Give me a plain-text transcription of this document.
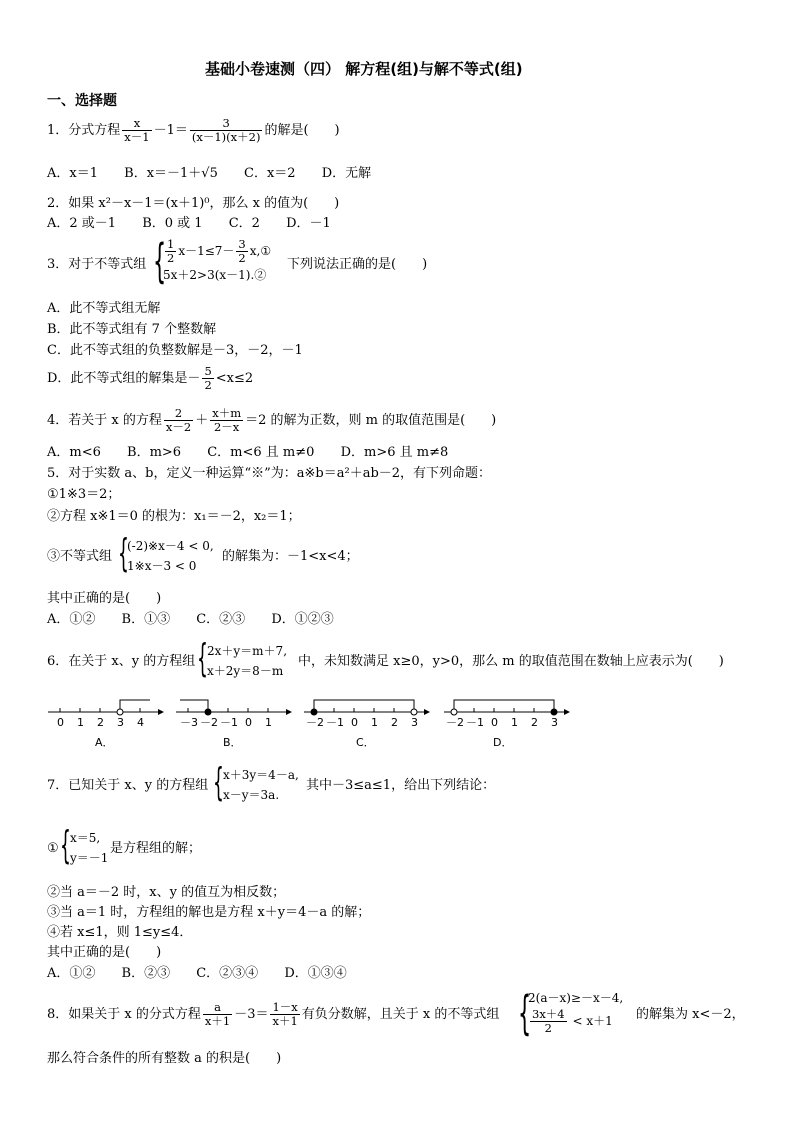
基础小卷速测（四） 解方程(组)与解不等式(组)
一、选择题
1．分式方程 $\frac{x}{x-1} -1= \frac{3}{(x-1)(x+2)}$ 的解是(　　)
A．x＝1 B．x＝－1＋√5 C．x＝2 D．无解
2．如果 x²－x－1＝(x＋1)⁰，那么 x 的值为(　　)
A．2 或－1 B．0 或 1 C．2 D．－1
3．对于不等式组 {
$\frac{1}{2} x-1\le 7- \frac{3}{2}$ x,①
5x＋2>3(x－1).②
下列说法正确的是(　　)
A．此不等式组无解
B．此不等式组有 7 个整数解
C．此不等式组的负整数解是－3，－2，－1
D．此不等式组的解集是－ $\frac{5}{2} <x\le 2$
4．若关于 x 的方程 $\frac{2}{x-2} + \frac{x+m}{2-x} =2$ 的解为正数，则 m 的取值范围是(　　)
A．m<6 B．m>6 C．m<6 且 m≠0 D．m>6 且 m≠8
5．对于实数 a、b，定义一种运算“※”为：a※b＝a²＋ab－2，有下列命题：
①1※3＝2；
②方程 x※1＝0 的根为：x₁＝－2，x₂＝1；
③不等式组 {
(-2)※x－4 < 0,
1※x－3 < 0
的解集为：－1<x<4；
其中正确的是(　　)
A．①② B．①③ C．②③ D．①②③
6．在关于 x、y 的方程组 { 2x＋y＝m＋7,
x＋2y＝8－m
中，未知数满足 x≥0，y>0，那么 m 的取值范围在数轴上应表示为(　　)
0 1 2 3 4	－3 －2 －1 0 1	－2 －1 0 1 2 3	－2 －1 0 1 2 3
A．	B．	C．	D．
7．已知关于 x、y 的方程组 { x＋3y＝4－a,
x－y＝3a.
其中－3≤a≤1，给出下列结论：
① { x＝5,
y＝－1
是方程组的解；
②当 a＝－2 时，x、y 的值互为相反数；
③当 a＝1 时，方程组的解也是方程 x＋y＝4－a 的解；
④若 x≤1，则 1≤y≤4．
其中正确的是(　　)
A．①② B．②③ C．②③④ D．①③④
8．如果关于 x 的分式方程 $\frac{a}{x+1} -3= \frac{1-x}{x+1}$ 有负分数解，且关于 x 的不等式组 {
2(a－x)≥－x－4,
$\frac{3x+4}{2} < x+1$	的解集为 x<－2，
那么符合条件的所有整数 a 的积是(　　)
